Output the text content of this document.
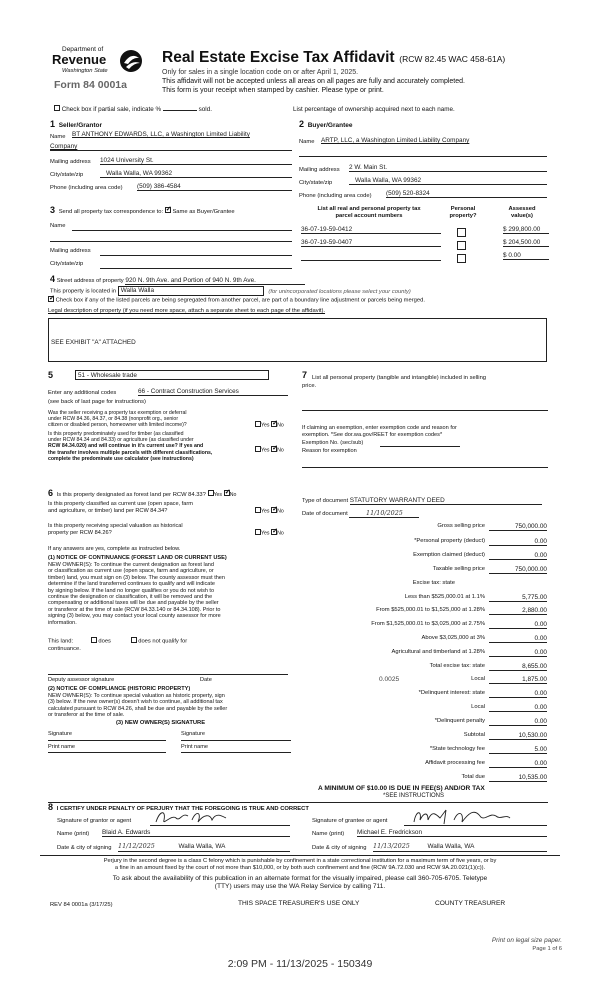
Department of
Revenue
Washington State
Form 84 0001a
Real Estate Excise Tax Affidavit (RCW 82.45 WAC 458-61A)
Only for sales in a single location code on or after April 1, 2025.
This affidavit will not be accepted unless all areas on all pages are fully and accurately completed.
This form is your receipt when stamped by cashier. Please type or print.
Check box if partial sale, indicate %	sold.	List percentage of ownership acquired next to each name.
1 Seller/Grantor
Name BT ANTHONY EDWARDS, LLC, a Washington Limited Liability
Company
Mailing address 1024 University St.
City/state/zip	Walla Walla, WA 99362
Phone (including area code) (509) 386-4584
2 Buyer/Grantee
Name ARTP, LLC, a Washington Limited Liability Company
Mailing address 2 W. Main St.
City/state/zip	Walla Walla, WA 99362
Phone (including area code) (509) 520-8324
3 Send all property tax correspondence to: ✓ Same as Buyer/Grantee
Name
Mailing address
City/state/zip
List all real and personal property tax
parcel account numbers
Personal
property?
Assessed
value(s)
36-07-19-59-0412	$ 299,800.00
36-07-19-59-0407	$ 204,500.00
$ 0.00
4 Street address of property 920 N. 9th Ave. and Portion of 940 N. 9th Ave.
This property is located in Walla Walla	(for unincorporated locations please select your county)
✓ Check box if any of the listed parcels are being segregated from another parcel, are part of a boundary line adjustment or parcels being merged.
Legal description of property (if you need more space, attach a separate sheet to each page of the affidavit).
SEE EXHIBIT "A" ATTACHED
5	51 - Wholesale trade
Enter any additional codes	66 - Contract Construction Services
(see back of last page for instructions)
Was the seller receiving a property tax exemption or deferral
under RCW 84.36, 84.37, or 84.38 (nonprofit org., senior
citizen or disabled person, homeowner with limited income)?	Yes ✓ No
Is this property predominately used for timber (as classified
under RCW 84.34 and 84.33) or agriculture (as classified under
RCW 84.34.020) and will continue in it's current use? If yes and
the transfer involves multiple parcels with different classifications,
complete the predominate use calculator (see instructions)
Yes ✓ No
7 List all personal property (tangible and intangible) included in selling
price.
If claiming an exemption, enter exemption code and reason for
exemption. *See dor.wa.gov/REET for exemption codes*
Exemption No. (sec/sub)
Reason for exemption
6 Is this property designated as forest land per RCW 84.33? Yes ✓ No
Is this property classified as current use (open space, farm
and agriculture, or timber) land per RCW 84.34?	Yes ✓ No
Is this property receiving special valuation as historical
property per RCW 84.26?	Yes ✓ No
If any answers are yes, complete as instructed below.
(1) NOTICE OF CONTINUANCE (FOREST LAND OR CURRENT USE)
NEW OWNER(S): To continue the current designation as forest land
or classification as current use (open space, farm and agriculture, or
timber) land, you must sign on (3) below. The county assessor must then
determine if the land transferred continues to qualify and will indicate
by signing below. If the land no longer qualifies or you do not wish to
continue the designation or classification, it will be removed and the
compensating or additional taxes will be due and payable by the seller
or transferor at the time of sale (RCW 84.33.140 or 84.34.108). Prior to
signing (3) below, you may contact your local county assessor for more
information.
This land:	does	does not qualify for
continuance.
Deputy assessor signature	Date
(2) NOTICE OF COMPLIANCE (HISTORIC PROPERTY)
NEW OWNER(S): To continue special valuation as historic property, sign
(3) below. If the new owner(s) doesn't wish to continue, all additional tax
calculated pursuant to RCW 84.26, shall be due and payable by the seller
or transferor at the time of sale.
(3) NEW OWNER(S) SIGNATURE
Signature	Signature
Print name	Print name
Type of document STATUTORY WARRANTY DEED
Date of document	11/10/2025
Gross selling price	750,000.00
*Personal property (deduct)	0.00
Exemption claimed (deduct)	0.00
Taxable selling price	750,000.00
Excise tax: state
Less than $525,000.01 at 1.1%	5,775.00
From $525,000.01 to $1,525,000 at 1.28%	2,880.00
From $1,525,000.01 to $3,025,000 at 2.75%	0.00
Above $3,025,000 at 3%	0.00
Agricultural and timberland at 1.28%	0.00
Total excise tax: state	8,655.00
0.0025	Local	1,875.00
*Delinquent interest: state	0.00
Local	0.00
*Delinquent penalty	0.00
Subtotal	10,530.00
*State technology fee	5.00
Affidavit processing fee	0.00
Total due	10,535.00
A MINIMUM OF $10.00 IS DUE IN FEE(S) AND/OR TAX
*SEE INSTRUCTIONS
8 I CERTIFY UNDER PENALTY OF PERJURY THAT THE FOREGOING IS TRUE AND CORRECT
Signature of grantor or agent	Signature of grantee or agent
Name (print) Blaid A. Edwards	Name (print) Michael E. Fredrickson
Date & city of signing 11/12/2025	Walla Walla, WA	Date & city of signing 11/13/2025	Walla Walla, WA
Perjury in the second degree is a class C felony which is punishable by confinement in a state correctional institution for a maximum term of five years, or by
a fine in an amount fixed by the court of not more than $10,000, or by both such confinement and fine (RCW 9A.72.030 and RCW 9A.20.021(1)(c)).
To ask about the availability of this publication in an alternate format for the visually impaired, please call 360-705-6705. Teletype
(TTY) users may use the WA Relay Service by calling 711.
REV 84 0001a (3/17/25)	THIS SPACE TREASURER'S USE ONLY	COUNTY TREASURER
Print on legal size paper.
Page 1 of 6
2:09 PM - 11/13/2025 - 150349
